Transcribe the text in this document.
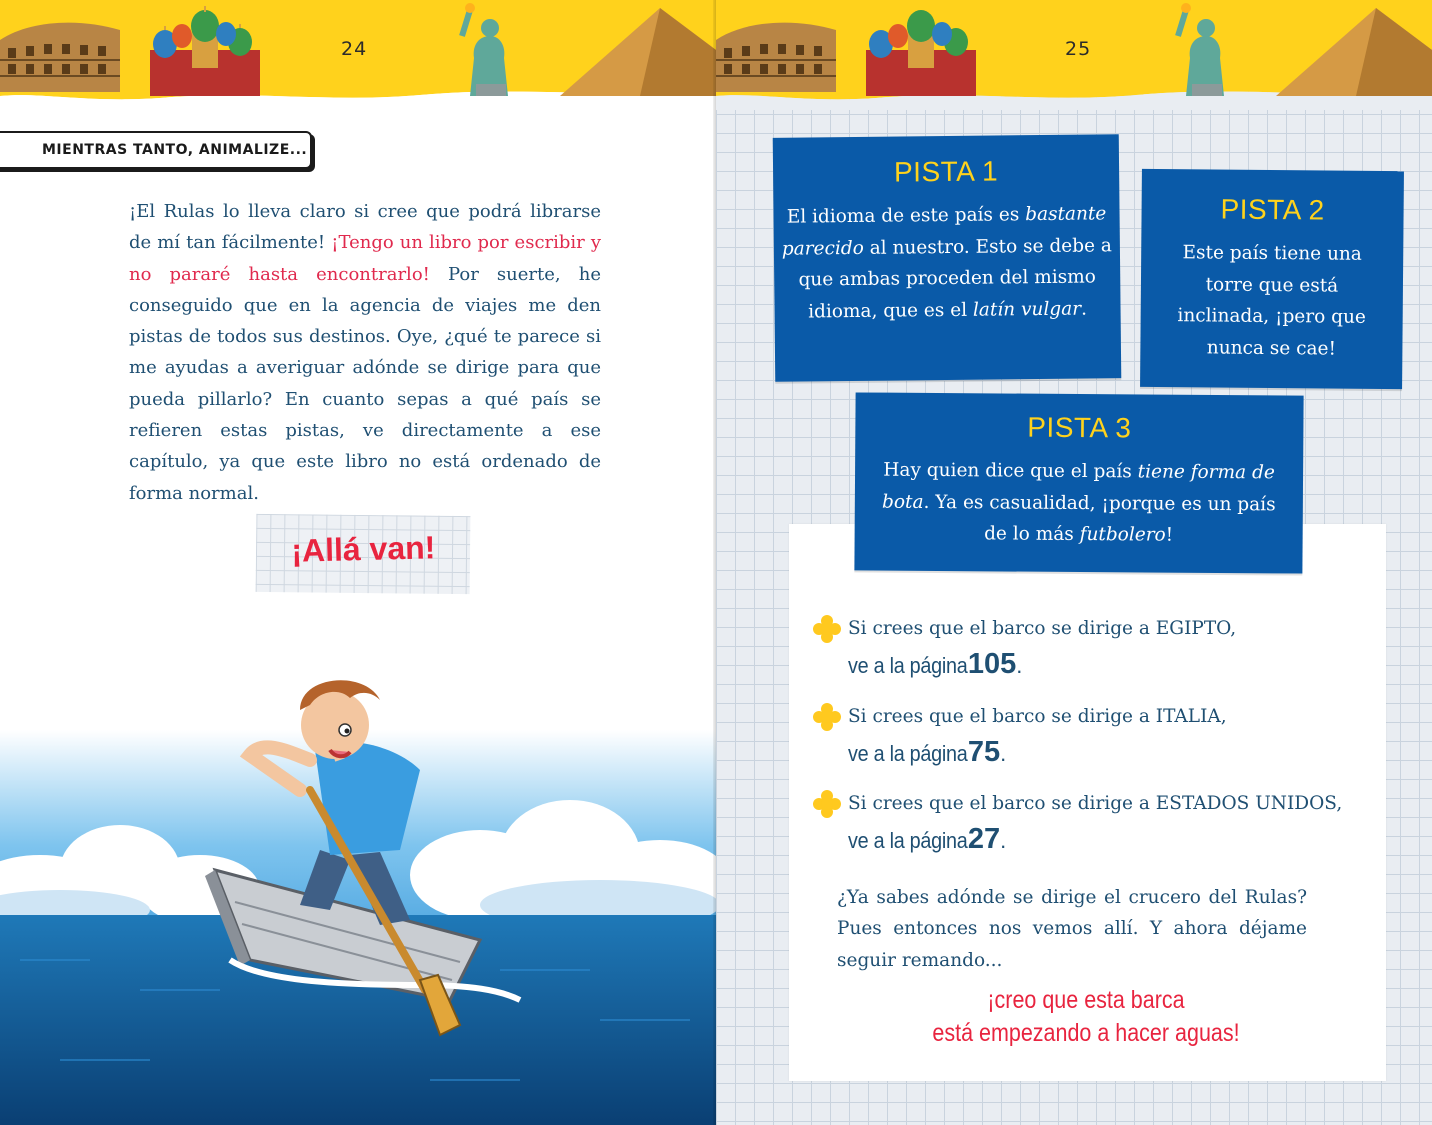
24
MIENTRAS TANTO, ANIMALIZE...

¡El Rulas lo lleva claro si cree que podrá librarse de mí tan fácilmente! ¡Tengo un libro por escribir y no pararé hasta encontrarlo! Por suerte, he conseguido que en la agencia de viajes me den pistas de todos sus destinos. Oye, ¿qué te parece si me ayudas a averiguar adónde se dirige para que pueda pillarlo? En cuanto sepas a qué país se refieren estas pistas, ve directamente a ese capítulo, ya que este libro no está ordenado de forma normal.

¡Allá van!
25
PISTA 1

El idioma de este país es bastante parecido al nuestro. Esto se debe a que ambas proceden del mismo idioma, que es el latín vulgar.

PISTA 2

Este país tiene una torre que está inclinada, ¡pero que nunca se cae!

PISTA 3

Hay quien dice que el país tiene forma de bota. Ya es casualidad, ¡porque es un país de lo más futbolero!

Si crees que el barco se dirige a EGIPTO,
ve a la página 105.
Si crees que el barco se dirige a ITALIA,
ve a la página 75.
Si crees que el barco se dirige a ESTADOS UNIDOS,
ve a la página 27.

¿Ya sabes adónde se dirige el crucero del Rulas? Pues entonces nos vemos allí. Y ahora déjame seguir remando...

¡creo que esta barca
está empezando a hacer aguas!
